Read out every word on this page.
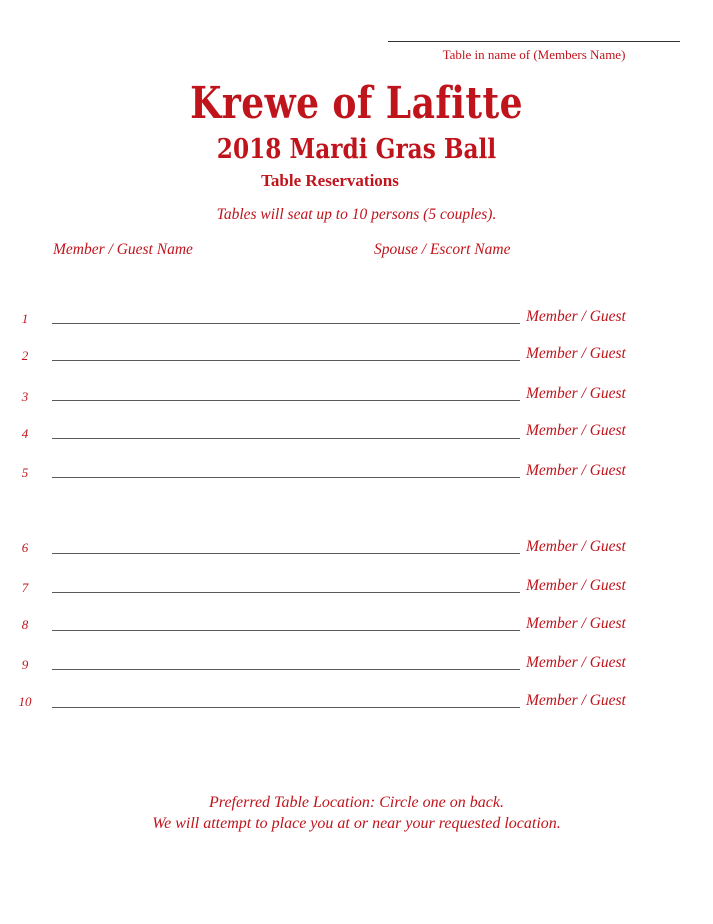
Table in name of (Members Name)
Krewe of Lafitte
2018 Mardi Gras Ball
Table Reservations
Tables will seat up to 10 persons (5 couples).
Member / Guest Name	Spouse / Escort Name
1	Member / Guest
2	Member / Guest
3	Member / Guest
4	Member / Guest
5	Member / Guest
6	Member / Guest
7	Member / Guest
8	Member / Guest
9	Member / Guest
10	Member / Guest
Preferred Table Location: Circle one on back.
We will attempt to place you at or near your requested location.
